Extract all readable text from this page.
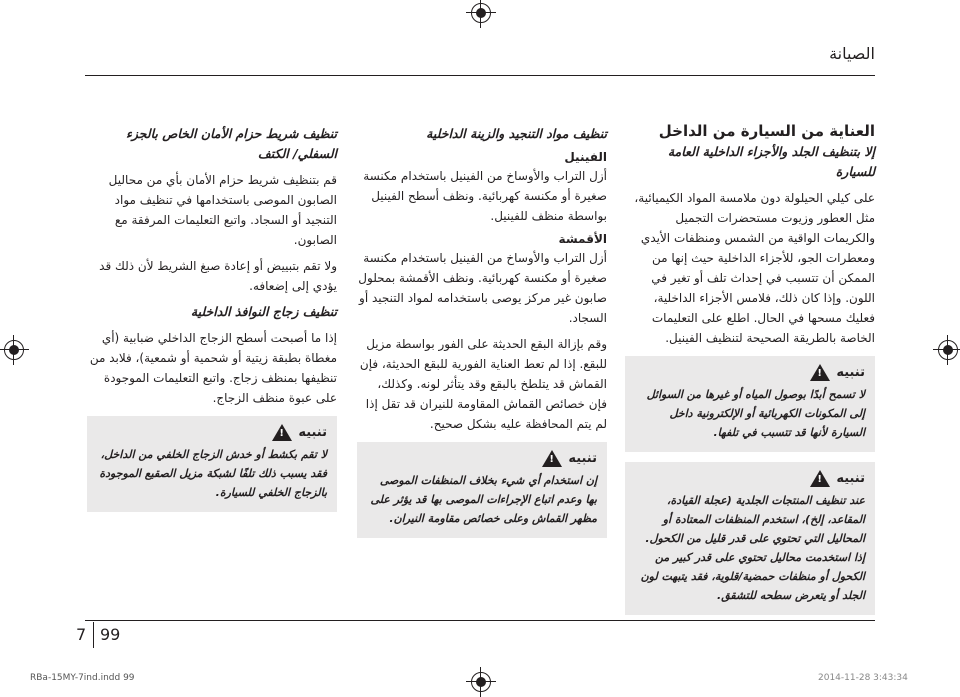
الصيانة
العناية من السيارة من الداخل
إلا بتنظيف الجلد والأجزاء الداخلية العامة للسيارة

على كيلي الحيلولة دون ملامسة المواد الكيميائية، مثل العطور وزيوت مستحضرات التجميل والكريمات الواقية من الشمس ومنظفات الأيدي ومعطرات الجو، للأجزاء الداخلية حيث إنها من الممكن أن تتسبب في إحداث تلف أو تغير في اللون. وإذا كان ذلك، فلامس الأجزاء الداخلية، فعليك مسحها في الحال. اطلع على التعليمات الخاصة بالطريقة الصحيحة لتنظيف الفينيل.

تنبيه
!

لا تسمح أبدًا بوصول المياه أو غيرها من السوائل إلى المكونات الكهربائية أو الإلكترونية داخل السيارة لأنها قد تتسبب في تلفها.

تنبيه
!

عند تنظيف المنتجات الجلدية (عجلة القيادة، المقاعد، إلخ)، استخدم المنظفات المعتادة أو المحاليل التي تحتوي على قدر قليل من الكحول. إذا استخدمت محاليل تحتوي على قدر كبير من الكحول أو منظفات حمضية/قلوية، فقد يتبهت لون الجلد أو يتعرض سطحه للتشقق.

تنظيف مواد التنجيد والزينة الداخلية
الفينيل

أزل التراب والأوساخ من الفينيل باستخدام مكنسة صغيرة أو مكنسة كهربائية. ونظف أسطح الفينيل بواسطة منظف للفينيل.

الأقمشة

أزل التراب والأوساخ من الفينيل باستخدام مكنسة صغيرة أو مكنسة كهربائية. ونظف الأقمشة بمحلول صابون غير مركز يوصى باستخدامه لمواد التنجيد أو السجاد.

وقم بإزالة البقع الحديثة على الفور بواسطة مزيل للبقع. إذا لم تعط العناية الفورية للبقع الحديثة، فإن القماش قد يتلطخ بالبقع وقد يتأثر لونه. وكذلك، فإن خصائص القماش المقاومة للنيران قد تقل إذا لم يتم المحافظة عليه بشكل صحيح.

تنبيه
!

إن استخدام أي شيء بخلاف المنظفات الموصى بها وعدم اتباع الإجراءات الموصى بها قد يؤثر على مظهر القماش وعلى خصائص مقاومة النيران.

تنظيف شريط حزام الأمان الخاص بالجزء السفلي/ الكتف

قم بتنظيف شريط حزام الأمان بأي من محاليل الصابون الموصى باستخدامها في تنظيف مواد التنجيد أو السجاد. واتبع التعليمات المرفقة مع الصابون.

ولا تقم بتبييض أو إعادة صبغ الشريط لأن ذلك قد يؤدي إلى إضعافه.

تنظيف زجاج النوافذ الداخلية

إذا ما أصبحت أسطح الزجاج الداخلي ضبابية (أي مغطاة بطبقة زيتية أو شحمية أو شمعية)، فلابد من تنظيفها بمنظف زجاج. واتبع التعليمات الموجودة على عبوة منظف الزجاج.

تنبيه
!

لا تقم بكشط أو خدش الزجاج الخلفي من الداخل، فقد يسبب ذلك تلفًا لشبكة مزيل الصقيع الموجودة بالزجاج الخلفي للسيارة.

7 99
RBa-15MY-7ind.indd 99	2014-11-28 3:43:34
